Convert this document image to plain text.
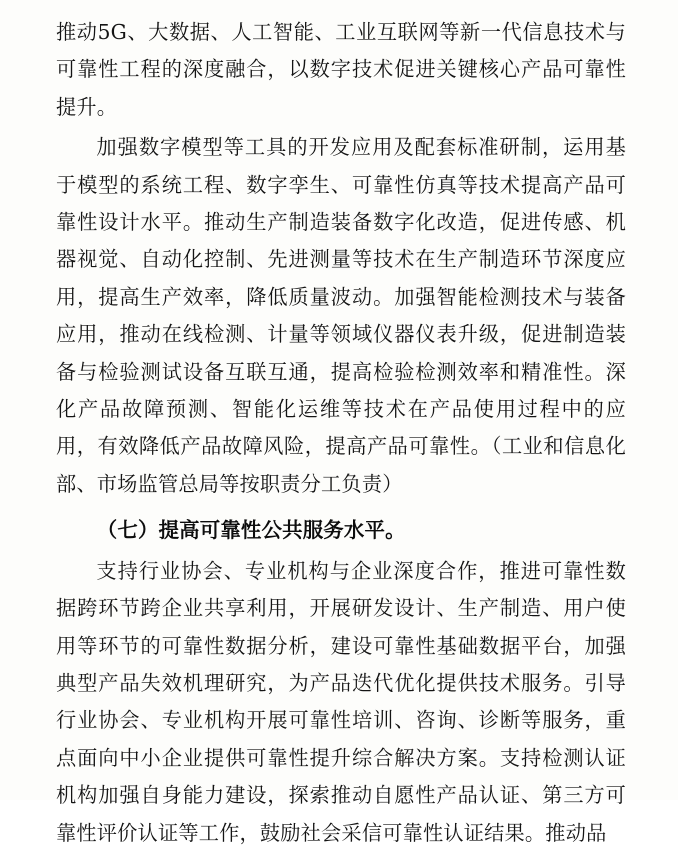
推动5G、大数据、人工智能、工业互联网等新一代信息技术与可靠性工程的深度融合，以数字技术促进关键核心产品可靠性提升。

加强数字模型等工具的开发应用及配套标准研制，运用基于模型的系统工程、数字孪生、可靠性仿真等技术提高产品可靠性设计水平。推动生产制造装备数字化改造，促进传感、机器视觉、自动化控制、先进测量等技术在生产制造环节深度应用，提高生产效率，降低质量波动。加强智能检测技术与装备应用，推动在线检测、计量等领域仪器仪表升级，促进制造装备与检验测试设备互联互通，提高检验检测效率和精准性。深化产品故障预测、智能化运维等技术在产品使用过程中的应用，有效降低产品故障风险，提高产品可靠性。（工业和信息化部、市场监管总局等按职责分工负责）

（七）提高可靠性公共服务水平。

支持行业协会、专业机构与企业深度合作，推进可靠性数据跨环节跨企业共享利用，开展研发设计、生产制造、用户使用等环节的可靠性数据分析，建设可靠性基础数据平台，加强典型产品失效机理研究，为产品迭代优化提供技术服务。引导行业协会、专业机构开展可靠性培训、咨询、诊断等服务，重点面向中小企业提供可靠性提升综合解决方案。支持检测认证机构加强自身能力建设，探索推动自愿性产品认证、第三方可靠性评价认证等工作，鼓励社会采信可靠性认证结果。推动品
